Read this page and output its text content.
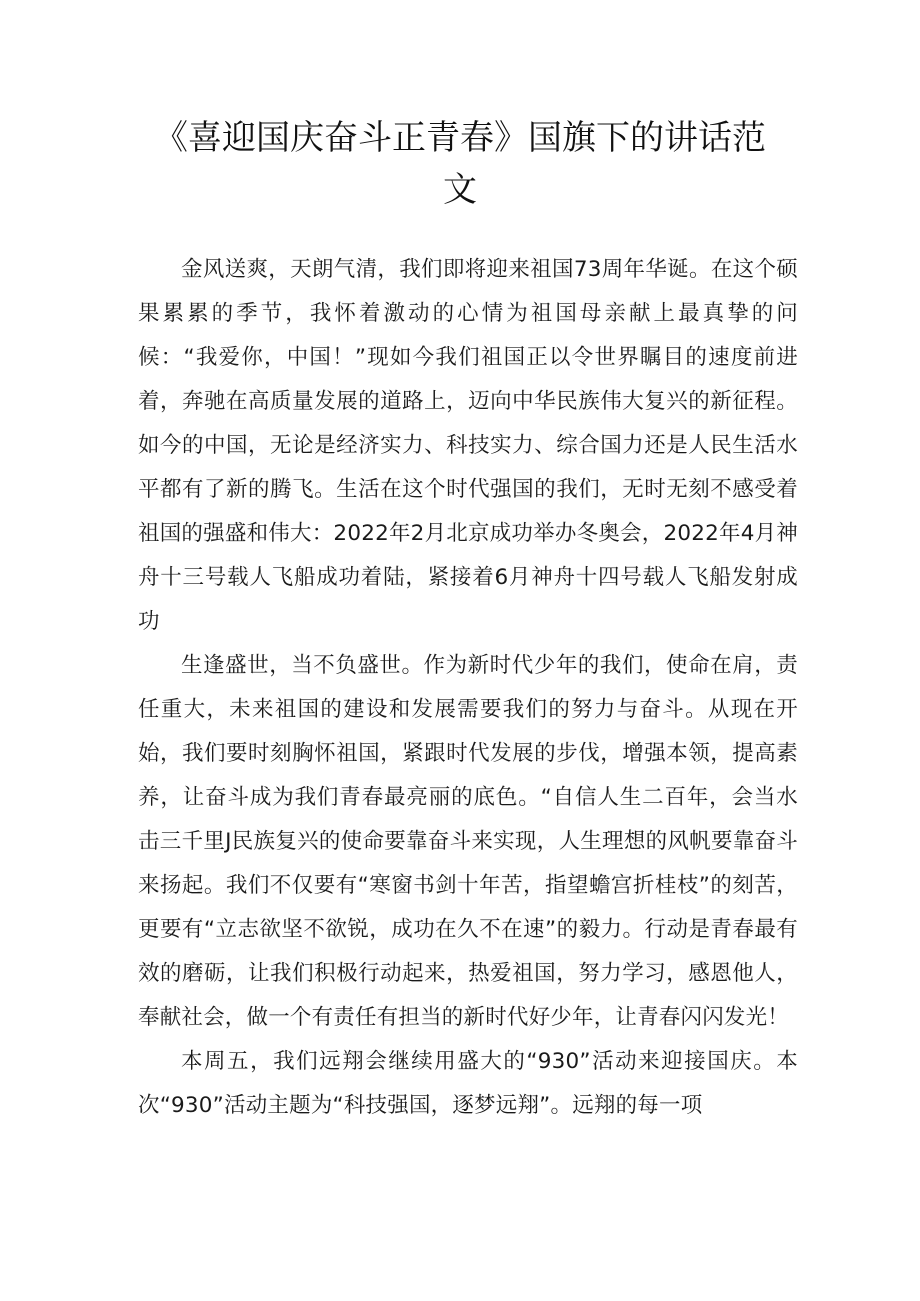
《喜迎国庆奋斗正青春》国旗下的讲话范文

金风送爽，天朗气清，我们即将迎来祖国73周年华诞。在这个硕果累累的季节，我怀着激动的心情为祖国母亲献上最真挚的问候：“我爱你，中国！”现如今我们祖国正以令世界瞩目的速度前进着，奔驰在高质量发展的道路上，迈向中华民族伟大复兴的新征程。如今的中国，无论是经济实力、科技实力、综合国力还是人民生活水平都有了新的腾飞。生活在这个时代强国的我们，无时无刻不感受着祖国的强盛和伟大：2022年2月北京成功举办冬奥会，2022年4月神舟十三号载人飞船成功着陆，紧接着6月神舟十四号载人飞船发射成功

生逢盛世，当不负盛世。作为新时代少年的我们，使命在肩，责任重大，未来祖国的建设和发展需要我们的努力与奋斗。从现在开始，我们要时刻胸怀祖国，紧跟时代发展的步伐，增强本领，提高素养，让奋斗成为我们青春最亮丽的底色。“自信人生二百年，会当水击三千里J民族复兴的使命要靠奋斗来实现，人生理想的风帆要靠奋斗来扬起。我们不仅要有“寒窗书剑十年苦，指望蟾宫折桂枝”的刻苦，更要有“立志欲坚不欲锐，成功在久不在速”的毅力。行动是青春最有效的磨砺，让我们积极行动起来，热爱祖国，努力学习，感恩他人，奉献社会，做一个有责任有担当的新时代好少年，让青春闪闪发光！

本周五，我们远翔会继续用盛大的“930”活动来迎接国庆。本次“930”活动主题为“科技强国，逐梦远翔”。远翔的每一项
